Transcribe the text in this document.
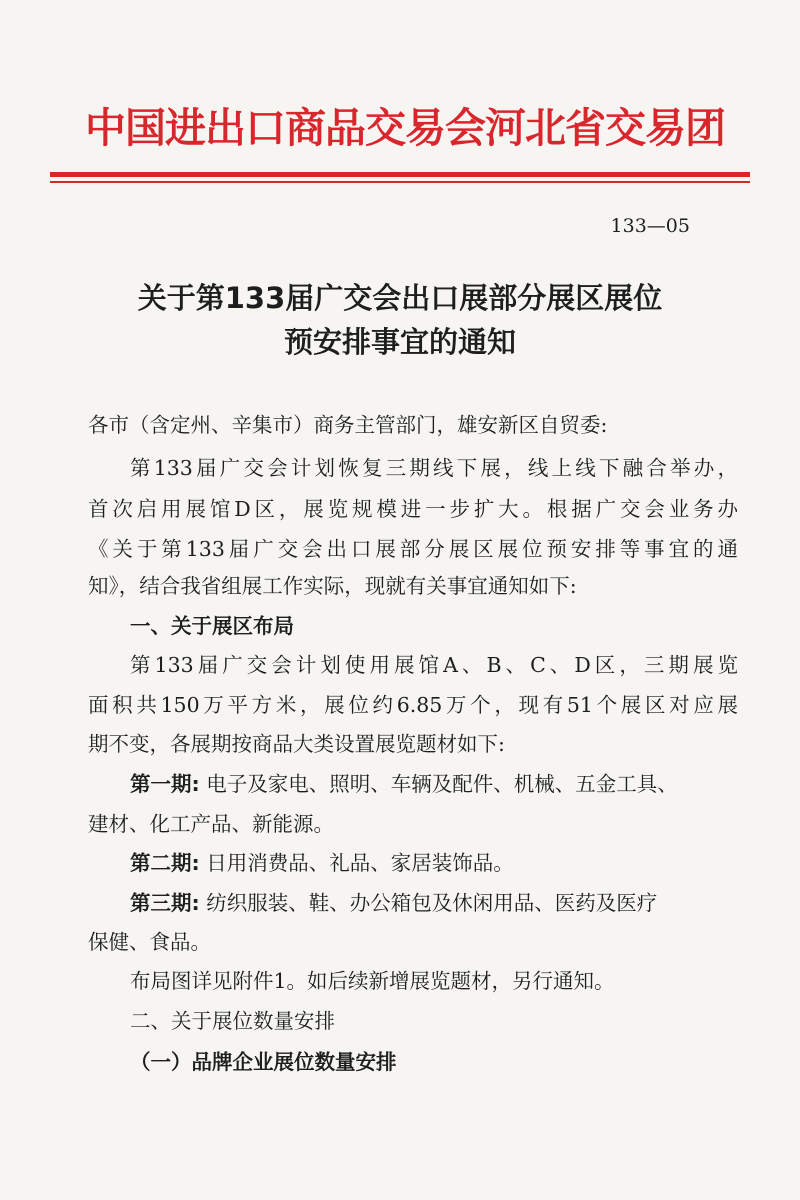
中国进出口商品交易会河北省交易团
133—05
关于第133届广交会出口展部分展区展位
预安排事宜的通知
各市（含定州、辛集市）商务主管部门，雄安新区自贸委:
第133届广交会计划恢复三期线下展，线上线下融合举办，
首次启用展馆D区，展览规模进一步扩大。根据广交会业务办
《关于第133届广交会出口展部分展区展位预安排等事宜的通
知》，结合我省组展工作实际，现就有关事宜通知如下:
一、关于展区布局
第133届广交会计划使用展馆A、B、C、D区，三期展览
面积共150万平方米，展位约6.85万个，现有51个展区对应展
期不变，各展期按商品大类设置展览题材如下:
第一期: 电子及家电、照明、车辆及配件、机械、五金工具、
建材、化工产品、新能源。
第二期: 日用消费品、礼品、家居装饰品。
第三期: 纺织服装、鞋、办公箱包及休闲用品、医药及医疗
保健、食品。
布局图详见附件1。如后续新增展览题材，另行通知。
二、关于展位数量安排
（一）品牌企业展位数量安排
